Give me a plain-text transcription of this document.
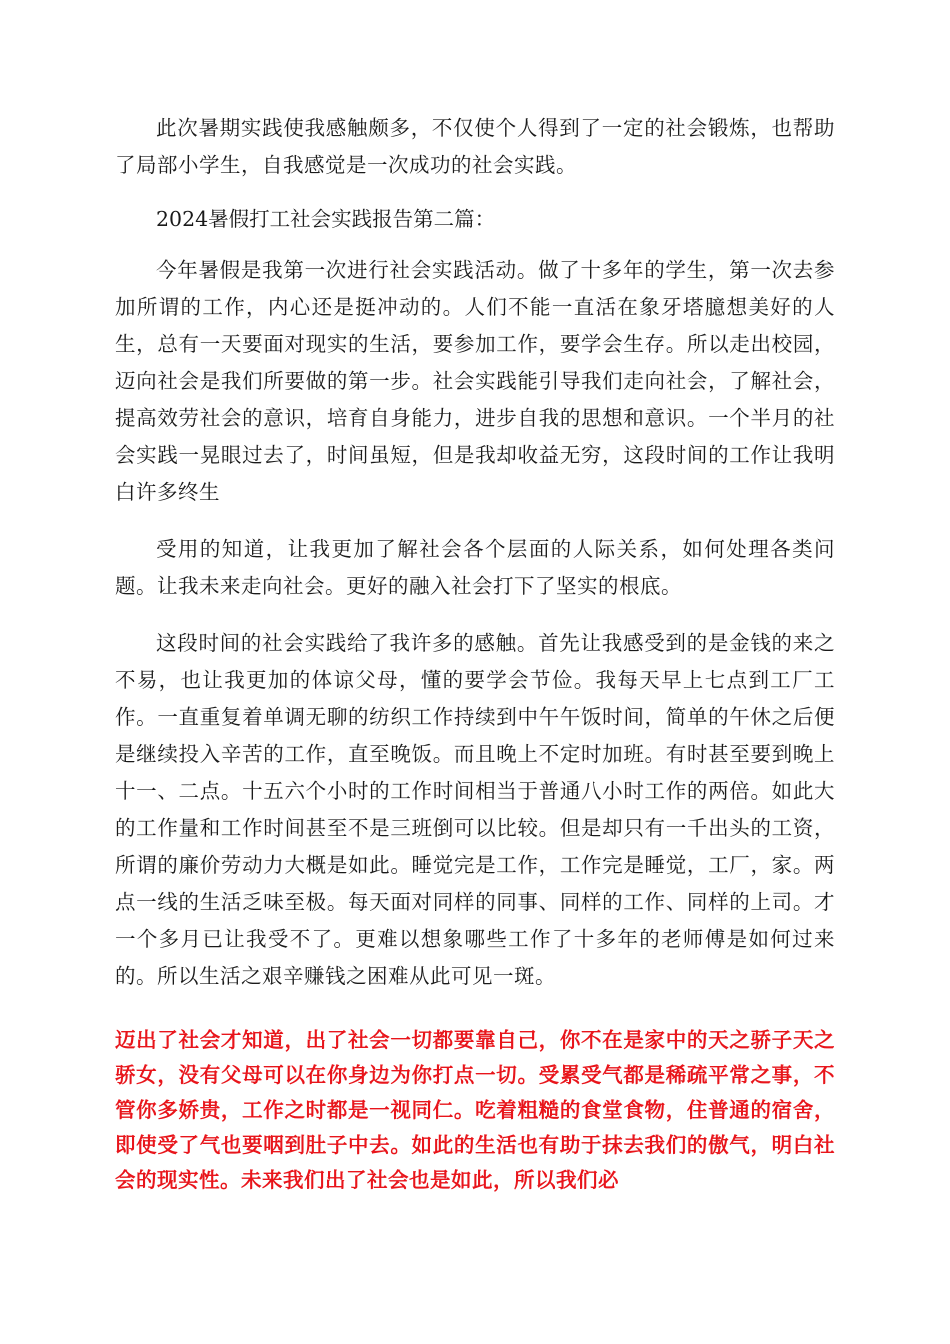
此次暑期实践使我感触颇多，不仅使个人得到了一定的社会锻炼，也帮助了局部小学生，自我感觉是一次成功的社会实践。

2024暑假打工社会实践报告第二篇：

今年暑假是我第一次进行社会实践活动。做了十多年的学生，第一次去参加所谓的工作，内心还是挺冲动的。人们不能一直活在象牙塔臆想美好的人生，总有一天要面对现实的生活，要参加工作，要学会生存。所以走出校园，迈向社会是我们所要做的第一步。社会实践能引导我们走向社会，了解社会，提高效劳社会的意识，培育自身能力，进步自我的思想和意识。一个半月的社会实践一晃眼过去了，时间虽短，但是我却收益无穷，这段时间的工作让我明白许多终生

受用的知道，让我更加了解社会各个层面的人际关系，如何处理各类问题。让我未来走向社会。更好的融入社会打下了坚实的根底。

这段时间的社会实践给了我许多的感触。首先让我感受到的是金钱的来之不易，也让我更加的体谅父母，懂的要学会节俭。我每天早上七点到工厂工作。一直重复着单调无聊的纺织工作持续到中午午饭时间，简单的午休之后便是继续投入辛苦的工作，直至晚饭。而且晚上不定时加班。有时甚至要到晚上十一、二点。十五六个小时的工作时间相当于普通八小时工作的两倍。如此大的工作量和工作时间甚至不是三班倒可以比较。但是却只有一千出头的工资，所谓的廉价劳动力大概是如此。睡觉完是工作，工作完是睡觉，工厂，家。两点一线的生活乏味至极。每天面对同样的同事、同样的工作、同样的上司。才一个多月已让我受不了。更难以想象哪些工作了十多年的老师傅是如何过来的。所以生活之艰辛赚钱之困难从此可见一斑。

迈出了社会才知道，出了社会一切都要靠自己，你不在是家中的天之骄子天之骄女，没有父母可以在你身边为你打点一切。受累受气都是稀疏平常之事，不管你多娇贵，工作之时都是一视同仁。吃着粗糙的食堂食物，住普通的宿舍，即使受了气也要咽到肚子中去。如此的生活也有助于抹去我们的傲气，明白社会的现实性。未来我们出了社会也是如此，所以我们必
